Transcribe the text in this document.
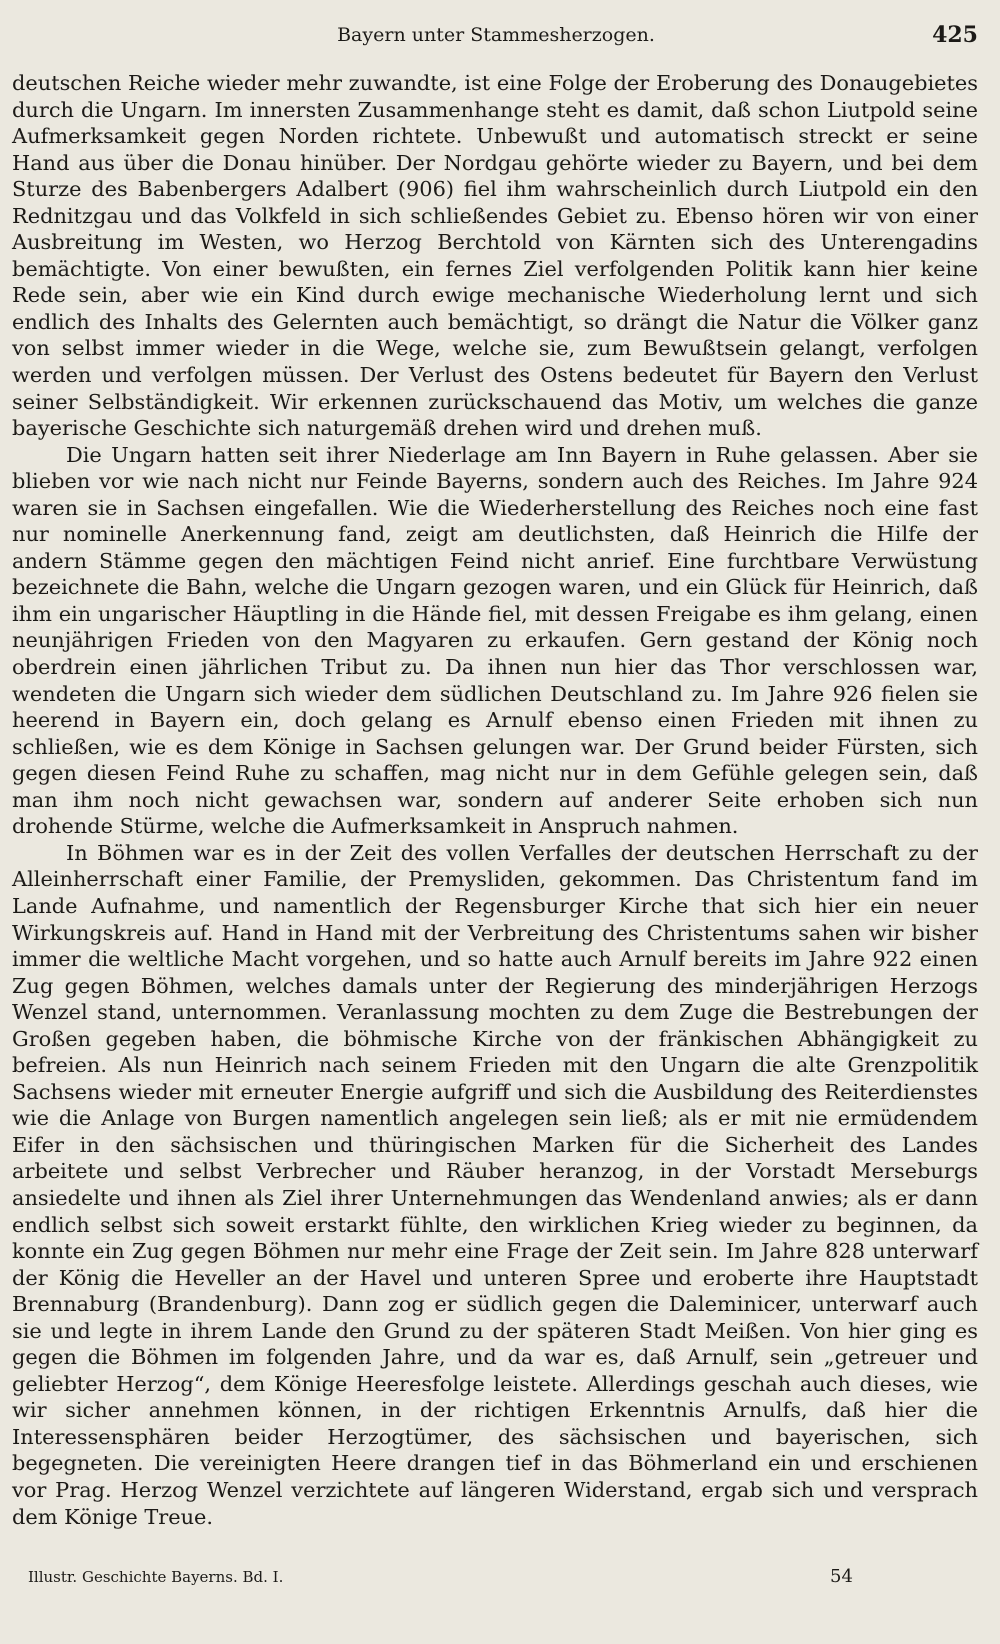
Bayern unter Stammesherzogen.	425

deutschen Reiche wieder mehr zuwandte, ist eine Folge der Eroberung des Donaugebietes durch die Ungarn. Im innersten Zusammenhange steht es damit, daß schon Liutpold seine Aufmerksamkeit gegen Norden richtete. Unbewußt und automatisch streckt er seine Hand aus über die Donau hinüber. Der Nordgau gehörte wieder zu Bayern, und bei dem Sturze des Babenbergers Adalbert (906) fiel ihm wahrscheinlich durch Liutpold ein den Rednitzgau und das Volkfeld in sich schließendes Gebiet zu. Ebenso hören wir von einer Ausbreitung im Westen, wo Herzog Berchtold von Kärnten sich des Unterengadins bemächtigte. Von einer bewußten, ein fernes Ziel verfolgenden Politik kann hier keine Rede sein, aber wie ein Kind durch ewige mechanische Wiederholung lernt und sich endlich des Inhalts des Gelernten auch bemächtigt, so drängt die Natur die Völker ganz von selbst immer wieder in die Wege, welche sie, zum Bewußtsein gelangt, verfolgen werden und verfolgen müssen. Der Verlust des Ostens bedeutet für Bayern den Verlust seiner Selbständigkeit. Wir erkennen zurückschauend das Motiv, um welches die ganze bayerische Geschichte sich naturgemäß drehen wird und drehen muß.

Die Ungarn hatten seit ihrer Niederlage am Inn Bayern in Ruhe gelassen. Aber sie blieben vor wie nach nicht nur Feinde Bayerns, sondern auch des Reiches. Im Jahre 924 waren sie in Sachsen eingefallen. Wie die Wiederherstellung des Reiches noch eine fast nur nominelle Anerkennung fand, zeigt am deutlichsten, daß Heinrich die Hilfe der andern Stämme gegen den mächtigen Feind nicht anrief. Eine furchtbare Verwüstung bezeichnete die Bahn, welche die Ungarn gezogen waren, und ein Glück für Heinrich, daß ihm ein ungarischer Häuptling in die Hände fiel, mit dessen Freigabe es ihm gelang, einen neunjährigen Frieden von den Magyaren zu erkaufen. Gern gestand der König noch oberdrein einen jährlichen Tribut zu. Da ihnen nun hier das Thor verschlossen war, wendeten die Ungarn sich wieder dem südlichen Deutschland zu. Im Jahre 926 fielen sie heerend in Bayern ein, doch gelang es Arnulf ebenso einen Frieden mit ihnen zu schließen, wie es dem Könige in Sachsen gelungen war. Der Grund beider Fürsten, sich gegen diesen Feind Ruhe zu schaffen, mag nicht nur in dem Gefühle gelegen sein, daß man ihm noch nicht gewachsen war, sondern auf anderer Seite erhoben sich nun drohende Stürme, welche die Aufmerksamkeit in Anspruch nahmen.

In Böhmen war es in der Zeit des vollen Verfalles der deutschen Herrschaft zu der Alleinherrschaft einer Familie, der Premysliden, gekommen. Das Christentum fand im Lande Aufnahme, und namentlich der Regensburger Kirche that sich hier ein neuer Wirkungskreis auf. Hand in Hand mit der Verbreitung des Christentums sahen wir bisher immer die weltliche Macht vorgehen, und so hatte auch Arnulf bereits im Jahre 922 einen Zug gegen Böhmen, welches damals unter der Regierung des minderjährigen Herzogs Wenzel stand, unternommen. Veranlassung mochten zu dem Zuge die Bestrebungen der Großen gegeben haben, die böhmische Kirche von der fränkischen Abhängigkeit zu befreien. Als nun Heinrich nach seinem Frieden mit den Ungarn die alte Grenzpolitik Sachsens wieder mit erneuter Energie aufgriff und sich die Ausbildung des Reiterdienstes wie die Anlage von Burgen namentlich angelegen sein ließ; als er mit nie ermüdendem Eifer in den sächsischen und thüringischen Marken für die Sicherheit des Landes arbeitete und selbst Verbrecher und Räuber heranzog, in der Vorstadt Merseburgs ansiedelte und ihnen als Ziel ihrer Unternehmungen das Wendenland anwies; als er dann endlich selbst sich soweit erstarkt fühlte, den wirklichen Krieg wieder zu beginnen, da konnte ein Zug gegen Böhmen nur mehr eine Frage der Zeit sein. Im Jahre 828 unterwarf der König die Heveller an der Havel und unteren Spree und eroberte ihre Hauptstadt Brennaburg (Brandenburg). Dann zog er südlich gegen die Daleminicer, unterwarf auch sie und legte in ihrem Lande den Grund zu der späteren Stadt Meißen. Von hier ging es gegen die Böhmen im folgenden Jahre, und da war es, daß Arnulf, sein „getreuer und geliebter Herzog“, dem Könige Heeresfolge leistete. Allerdings geschah auch dieses, wie wir sicher annehmen können, in der richtigen Erkenntnis Arnulfs, daß hier die Interessensphären beider Herzogtümer, des sächsischen und bayerischen, sich begegneten. Die vereinigten Heere drangen tief in das Böhmerland ein und erschienen vor Prag. Herzog Wenzel verzichtete auf längeren Widerstand, ergab sich und versprach dem Könige Treue.

Illustr. Geschichte Bayerns. Bd. I.	54
